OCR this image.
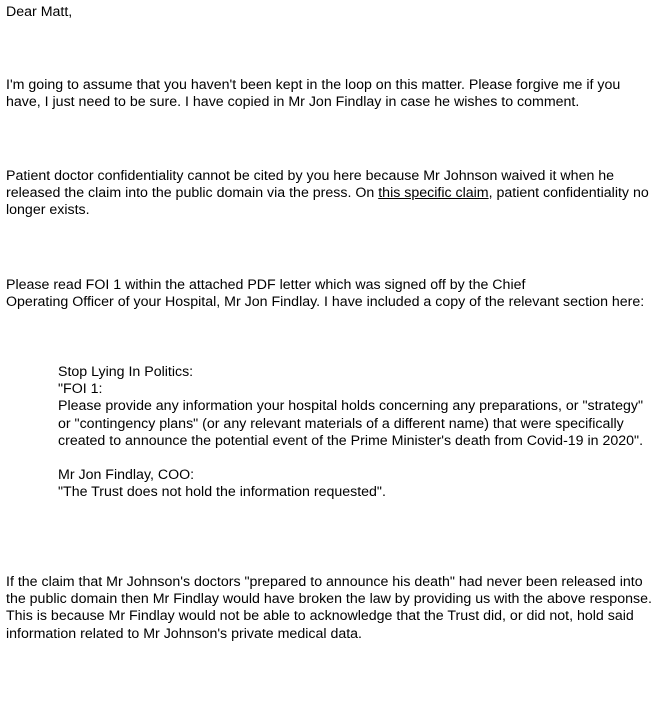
Dear Matt,

I'm going to assume that you haven't been kept in the loop on this matter. Please forgive me if you have, I just need to be sure. I have copied in Mr Jon Findlay in case he wishes to comment.

Patient doctor confidentiality cannot be cited by you here because Mr Johnson waived it when he released the claim into the public domain via the press. On this specific claim, patient confidentiality no longer exists.

Please read FOI 1 within the attached PDF letter which was signed off by the Chief
Operating Officer of your Hospital, Mr Jon Findlay. I have included a copy of the relevant section here:

Stop Lying In Politics:

"FOI 1:

Please provide any information your hospital holds concerning any preparations, or "strategy" or "contingency plans" (or any relevant materials of a different name) that were specifically created to announce the potential event of the Prime Minister's death from Covid-19 in 2020".

Mr Jon Findlay, COO:

"The Trust does not hold the information requested".

If the claim that Mr Johnson's doctors "prepared to announce his death" had never been released into the public domain then Mr Findlay would have broken the law by providing us with the above response. This is because Mr Findlay would not be able to acknowledge that the Trust did, or did not, hold said information related to Mr Johnson's private medical data.
